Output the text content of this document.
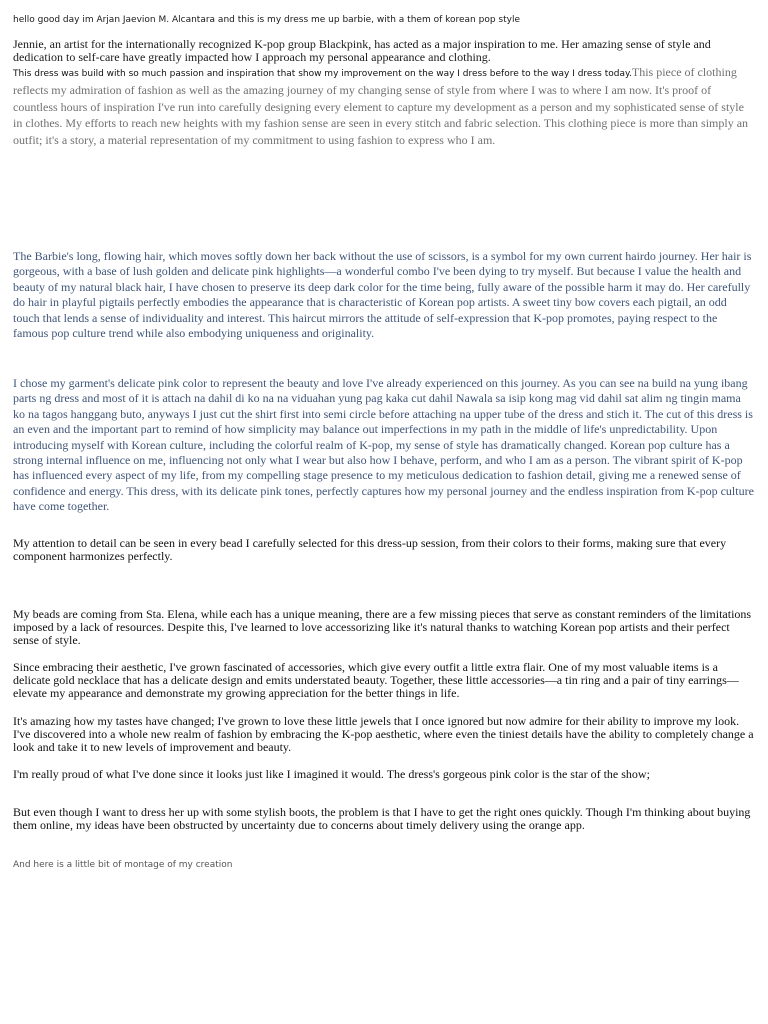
hello good day im Arjan Jaevion M. Alcantara and this is my dress me up barbie, with a them of korean pop style
Jennie, an artist for the internationally recognized K-pop group Blackpink, has acted as a major inspiration to me. Her amazing sense of style and dedication to self-care have greatly impacted how I approach my personal appearance and clothing.
This dress was build with so much passion and inspiration that show my improvement on the way I dress before to the way I dress today.This piece of clothing reflects my admiration of fashion as well as the amazing journey of my changing sense of style from where I was to where I am now. It's proof of countless hours of inspiration I've run into carefully designing every element to capture my development as a person and my sophisticated sense of style in clothes. My efforts to reach new heights with my fashion sense are seen in every stitch and fabric selection. This clothing piece is more than simply an outfit; it's a story, a material representation of my commitment to using fashion to express who I am.
The Barbie's long, flowing hair, which moves softly down her back without the use of scissors, is a symbol for my own current hairdo journey. Her hair is gorgeous, with a base of lush golden and delicate pink highlights—a wonderful combo I've been dying to try myself. But because I value the health and beauty of my natural black hair, I have chosen to preserve its deep dark color for the time being, fully aware of the possible harm it may do. Her carefully do hair in playful pigtails perfectly embodies the appearance that is characteristic of Korean pop artists. A sweet tiny bow covers each pigtail, an odd touch that lends a sense of individuality and interest. This haircut mirrors the attitude of self-expression that K-pop promotes, paying respect to the famous pop culture trend while also embodying uniqueness and originality.
I chose my garment's delicate pink color to represent the beauty and love I've already experienced on this journey. As you can see na build na yung ibang parts ng dress and most of it is attach na dahil di ko na na viduahan yung pag kaka cut dahil Nawala sa isip kong mag vid dahil sat alim ng tingin mama ko na tagos hanggang buto, anyways I just cut the shirt first into semi circle before attaching na upper tube of the dress and stich it. The cut of this dress is an even and the important part to remind of how simplicity may balance out imperfections in my path in the middle of life's unpredictability. Upon introducing myself with Korean culture, including the colorful realm of K-pop, my sense of style has dramatically changed. Korean pop culture has a strong internal influence on me, influencing not only what I wear but also how I behave, perform, and who I am as a person. The vibrant spirit of K-pop has influenced every aspect of my life, from my compelling stage presence to my meticulous dedication to fashion detail, giving me a renewed sense of confidence and energy. This dress, with its delicate pink tones, perfectly captures how my personal journey and the endless inspiration from K-pop culture have come together.
My attention to detail can be seen in every bead I carefully selected for this dress-up session, from their colors to their forms, making sure that every component harmonizes perfectly.
My beads are coming from Sta. Elena, while each has a unique meaning, there are a few missing pieces that serve as constant reminders of the limitations imposed by a lack of resources. Despite this, I've learned to love accessorizing like it's natural thanks to watching Korean pop artists and their perfect sense of style.
Since embracing their aesthetic, I've grown fascinated of accessories, which give every outfit a little extra flair. One of my most valuable items is a delicate gold necklace that has a delicate design and emits understated beauty. Together, these little accessories—a tin ring and a pair of tiny earrings—elevate my appearance and demonstrate my growing appreciation for the better things in life.
It's amazing how my tastes have changed; I've grown to love these little jewels that I once ignored but now admire for their ability to improve my look. I've discovered into a whole new realm of fashion by embracing the K-pop aesthetic, where even the tiniest details have the ability to completely change a look and take it to new levels of improvement and beauty.
I'm really proud of what I've done since it looks just like I imagined it would. The dress's gorgeous pink color is the star of the show;
But even though I want to dress her up with some stylish boots, the problem is that I have to get the right ones quickly. Though I'm thinking about buying them online, my ideas have been obstructed by uncertainty due to concerns about timely delivery using the orange app.
And here is a little bit of montage of my creation
